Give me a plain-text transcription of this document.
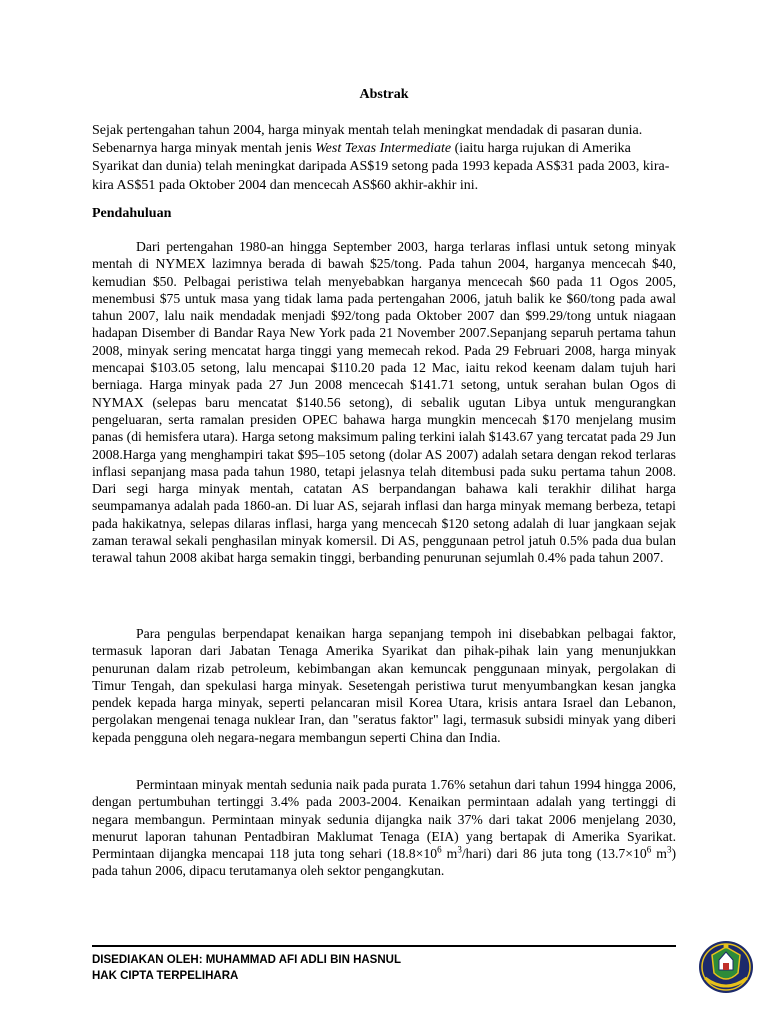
Abstrak

Sejak pertengahan tahun 2004, harga minyak mentah telah meningkat mendadak di pasaran dunia. Sebenarnya harga minyak mentah jenis West Texas Intermediate (iaitu harga rujukan di Amerika Syarikat dan dunia) telah meningkat daripada AS$19 setong pada 1993 kepada AS$31 pada 2003, kira-kira AS$51 pada Oktober 2004 dan mencecah AS$60 akhir-akhir ini.

Pendahuluan

Dari pertengahan 1980-an hingga September 2003, harga terlaras inflasi untuk setong minyak mentah di NYMEX lazimnya berada di bawah $25/tong. Pada tahun 2004, harganya mencecah $40, kemudian $50. Pelbagai peristiwa telah menyebabkan harganya mencecah $60 pada 11 Ogos 2005, menembusi $75 untuk masa yang tidak lama pada pertengahan 2006, jatuh balik ke $60/tong pada awal tahun 2007, lalu naik mendadak menjadi $92/tong pada Oktober 2007 dan $99.29/tong untuk niagaan hadapan Disember di Bandar Raya New York pada 21 November 2007.Sepanjang separuh pertama tahun 2008, minyak sering mencatat harga tinggi yang memecah rekod. Pada 29 Februari 2008, harga minyak mencapai $103.05 setong, lalu mencapai $110.20 pada 12 Mac, iaitu rekod keenam dalam tujuh hari berniaga. Harga minyak pada 27 Jun 2008 mencecah $141.71 setong, untuk serahan bulan Ogos di NYMAX (selepas baru mencatat $140.56 setong), di sebalik ugutan Libya untuk mengurangkan pengeluaran, serta ramalan presiden OPEC bahawa harga mungkin mencecah $170 menjelang musim panas (di hemisfera utara). Harga setong maksimum paling terkini ialah $143.67 yang tercatat pada 29 Jun 2008.Harga yang menghampiri takat $95–105 setong (dolar AS 2007) adalah setara dengan rekod terlaras inflasi sepanjang masa pada tahun 1980, tetapi jelasnya telah ditembusi pada suku pertama tahun 2008. Dari segi harga minyak mentah, catatan AS berpandangan bahawa kali terakhir dilihat harga seumpamanya adalah pada 1860-an. Di luar AS, sejarah inflasi dan harga minyak memang berbeza, tetapi pada hakikatnya, selepas dilaras inflasi, harga yang mencecah $120 setong adalah di luar jangkaan sejak zaman terawal sekali penghasilan minyak komersil. Di AS, penggunaan petrol jatuh 0.5% pada dua bulan terawal tahun 2008 akibat harga semakin tinggi, berbanding penurunan sejumlah 0.4% pada tahun 2007.

Para pengulas berpendapat kenaikan harga sepanjang tempoh ini disebabkan pelbagai faktor, termasuk laporan dari Jabatan Tenaga Amerika Syarikat dan pihak-pihak lain yang menunjukkan penurunan dalam rizab petroleum, kebimbangan akan kemuncak penggunaan minyak, pergolakan di Timur Tengah, dan spekulasi harga minyak. Sesetengah peristiwa turut menyumbangkan kesan jangka pendek kepada harga minyak, seperti pelancaran misil Korea Utara, krisis antara Israel dan Lebanon, pergolakan mengenai tenaga nuklear Iran, dan "seratus faktor" lagi, termasuk subsidi minyak yang diberi kepada pengguna oleh negara-negara membangun seperti China dan India.

Permintaan minyak mentah sedunia naik pada purata 1.76% setahun dari tahun 1994 hingga 2006, dengan pertumbuhan tertinggi 3.4% pada 2003-2004. Kenaikan permintaan adalah yang tertinggi di negara membangun. Permintaan minyak sedunia dijangka naik 37% dari takat 2006 menjelang 2030, menurut laporan tahunan Pentadbiran Maklumat Tenaga (EIA) yang bertapak di Amerika Syarikat. Permintaan dijangka mencapai 118 juta tong sehari ($18.8\times 10^6$ $m^3/hari$) dari 86 juta tong ($13.7\times 10^6$ $m^3$) pada tahun 2006, dipacu terutamanya oleh sektor pengangkutan.

DISEDIAKAN OLEH: MUHAMMAD AFI ADLI BIN HASNUL
HAK CIPTA TERPELIHARA
